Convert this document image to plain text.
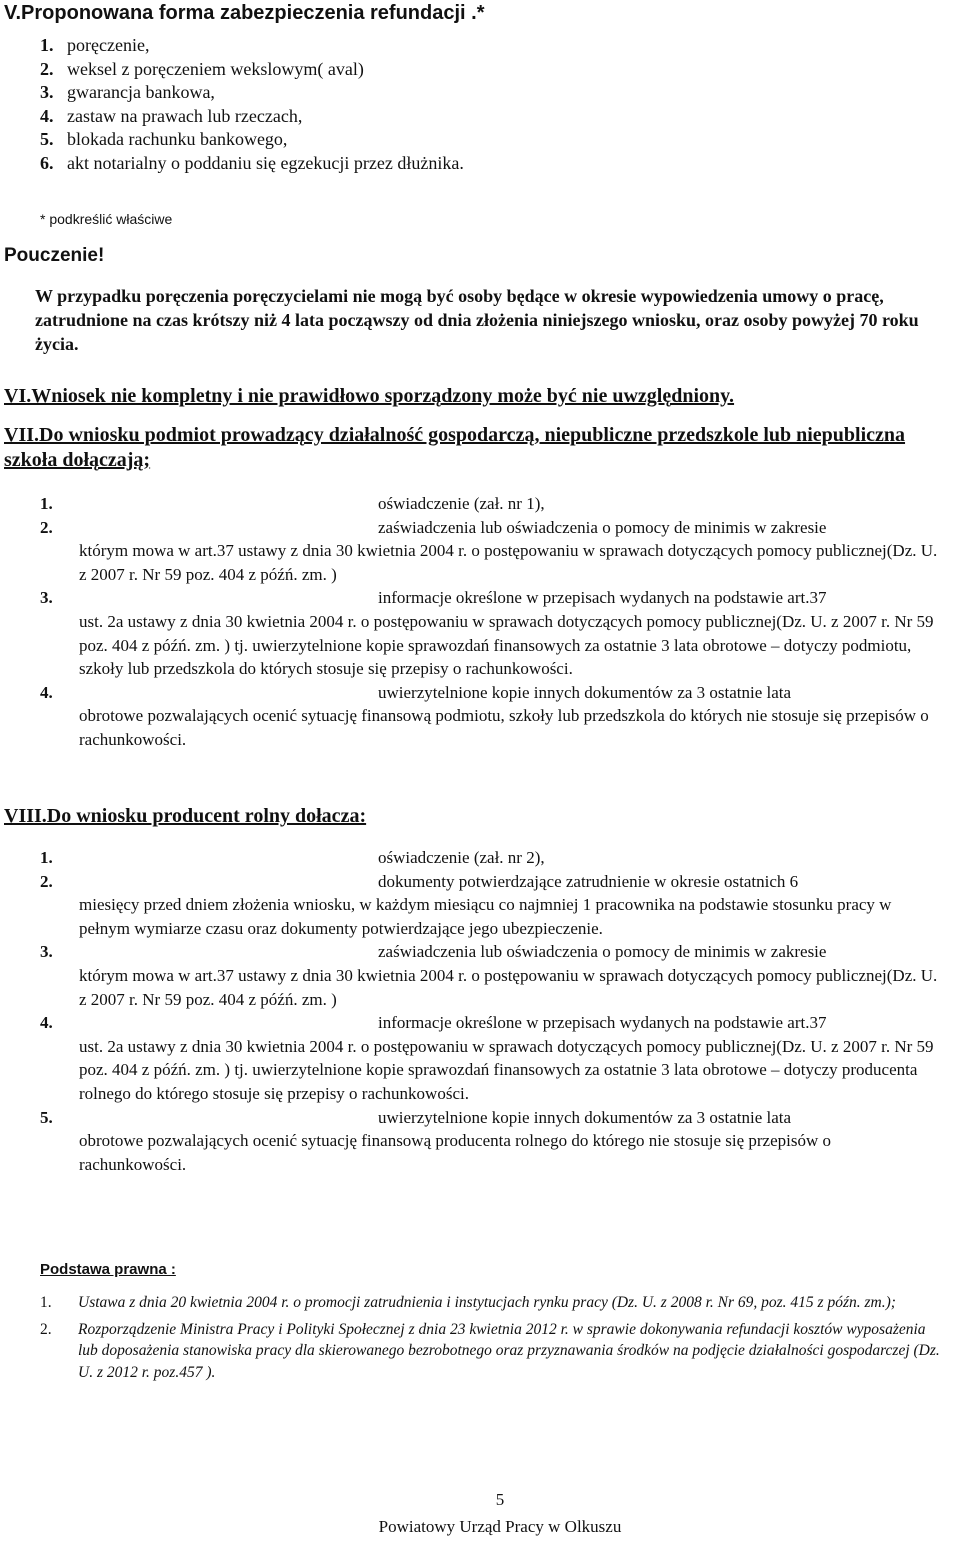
V.Proponowana forma zabezpieczenia refundacji .*
1. poręczenie,
2. weksel z poręczeniem wekslowym( aval)
3. gwarancja bankowa,
4. zastaw na prawach lub rzeczach,
5. blokada rachunku bankowego,
6. akt notarialny o poddaniu się egzekucji przez dłużnika.
* podkreślić właściwe
Pouczenie!

W przypadku poręczenia poręczycielami nie mogą być osoby będące w okresie wypowiedzenia umowy o pracę, zatrudnione na czas krótszy niż 4 lata począwszy od dnia złożenia niniejszego wniosku, oraz osoby powyżej 70 roku życia.

VI.Wniosek nie kompletny i nie prawidłowo sporządzony może być nie uwzględniony.
VII.Do wniosku podmiot prowadzący działalność gospodarczą, niepubliczne przedszkole lub niepubliczna szkoła dołączają;
1.	oświadczenie (zał. nr 1),
2.	zaświadczenia lub oświadczenia o pomocy de minimis w zakresie
którym mowa w art.37 ustawy z dnia 30 kwietnia 2004 r. o postępowaniu w sprawach dotyczących pomocy publicznej(Dz. U. z 2007 r. Nr 59 poz. 404 z późń. zm. )
3.	informacje określone w przepisach wydanych na podstawie art.37
ust. 2a ustawy z dnia 30 kwietnia 2004 r. o postępowaniu w sprawach dotyczących pomocy publicznej(Dz. U. z 2007 r. Nr 59 poz. 404 z późń. zm. ) tj. uwierzytelnione kopie sprawozdań finansowych za ostatnie 3 lata obrotowe – dotyczy podmiotu, szkoły lub przedszkola do których stosuje się przepisy o rachunkowości.
4.	uwierzytelnione kopie innych dokumentów za 3 ostatnie lata
obrotowe pozwalających ocenić sytuację finansową podmiotu, szkoły lub przedszkola do których nie stosuje się przepisów o rachunkowości.
VIII.Do wniosku producent rolny dołacza:
1.	oświadczenie (zał. nr 2),
2.	dokumenty potwierdzające zatrudnienie w okresie ostatnich 6
miesięcy przed dniem złożenia wniosku, w każdym miesiącu co najmniej 1 pracownika na podstawie stosunku pracy w pełnym wymiarze czasu oraz dokumenty potwierdzające jego ubezpieczenie.
3.	zaświadczenia lub oświadczenia o pomocy de minimis w zakresie
którym mowa w art.37 ustawy z dnia 30 kwietnia 2004 r. o postępowaniu w sprawach dotyczących pomocy publicznej(Dz. U. z 2007 r. Nr 59 poz. 404 z późń. zm. )
4.	informacje określone w przepisach wydanych na podstawie art.37
ust. 2a ustawy z dnia 30 kwietnia 2004 r. o postępowaniu w sprawach dotyczących pomocy publicznej(Dz. U. z 2007 r. Nr 59 poz. 404 z późń. zm. ) tj. uwierzytelnione kopie sprawozdań finansowych za ostatnie 3 lata obrotowe – dotyczy producenta rolnego do którego stosuje się przepisy o rachunkowości.
5.	uwierzytelnione kopie innych dokumentów za 3 ostatnie lata
obrotowe pozwalających ocenić sytuację finansową producenta rolnego do którego nie stosuje się przepisów o rachunkowości.
Podstawa prawna :
1. Ustawa z dnia 20 kwietnia 2004 r. o promocji zatrudnienia i instytucjach rynku pracy (Dz. U. z 2008 r. Nr 69, poz. 415 z późn. zm.);
2. Rozporządzenie Ministra Pracy i Polityki Społecznej z dnia 23 kwietnia 2012 r. w sprawie dokonywania refundacji kosztów wyposażenia lub doposażenia stanowiska pracy dla skierowanego bezrobotnego oraz przyznawania środków na podjęcie działalności gospodarczej (Dz. U. z 2012 r. poz.457 ).
5
Powiatowy Urząd Pracy w Olkuszu
